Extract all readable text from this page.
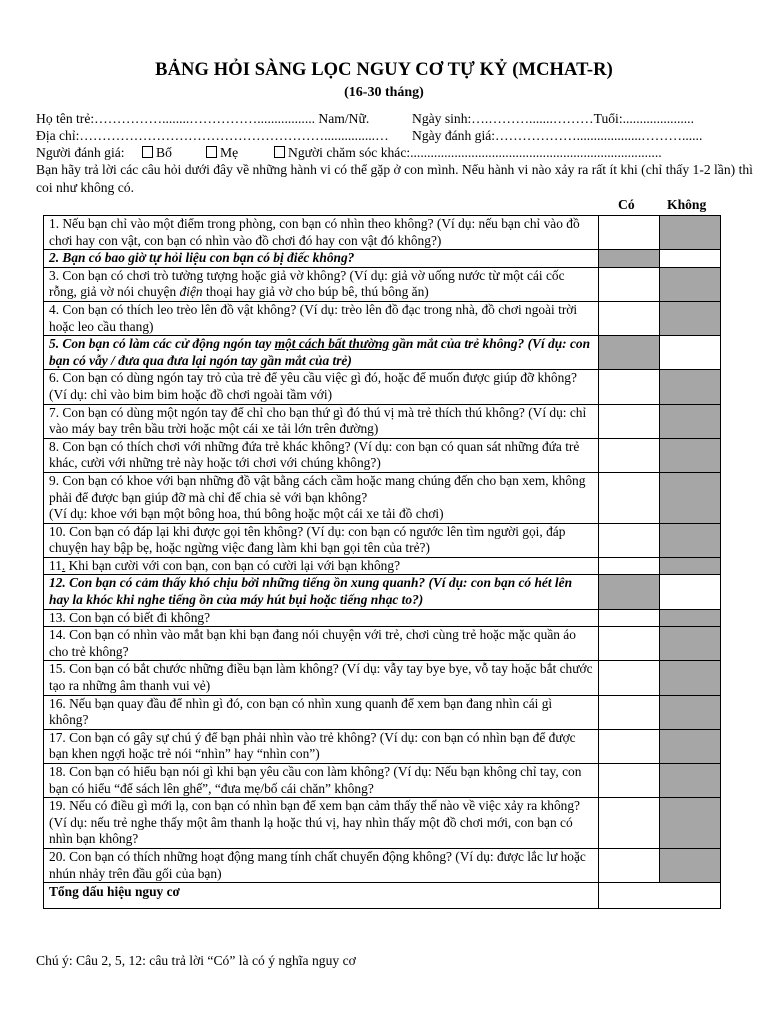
BẢNG HỎI SÀNG LỌC NGUY CƠ TỰ KỶ (MCHAT-R)
(16-30 tháng)
Họ tên trẻ:……………........……………................. Nam/Nữ.	Ngày sinh:….……….......………Tuổi:.....................
Địa chỉ:………………………………………………...............… Ngày đánh giá:………………...................………......
Người đánh giá:	Bố	Mẹ	Người chăm sóc khác:..........................................................................
Bạn hãy trả lời các câu hỏi dưới đây về những hành vi có thể gặp ở con mình. Nếu hành vi nào xảy ra rất ít khi (chỉ thấy 1-2 lần) thì coi như không có.
Có Không
1. Nếu bạn chỉ vào một điểm trong phòng, con bạn có nhìn theo không? (Ví dụ: nếu bạn chỉ vào đồ chơi hay con vật, con bạn có nhìn vào đồ chơi đó hay con vật đó không?)		
2. Bạn có bao giờ tự hỏi liệu con bạn có bị điếc không?		
3. Con bạn có chơi trò tưởng tượng hoặc giả vờ không? (Ví dụ: giả vờ uống nước từ một cái cốc rỗng, giả vờ nói chuyện điện thoại hay giả vờ cho búp bê, thú bông ăn)		
4. Con bạn có thích leo trèo lên đồ vật không? (Ví dụ: trèo lên đồ đạc trong nhà, đồ chơi ngoài trời hoặc leo cầu thang)		
5. Con bạn có làm các cử động ngón tay một cách bất thường gần mắt của trẻ không? (Ví dụ: con bạn có vẫy / đưa qua đưa lại ngón tay gần mắt của trẻ)		
6. Con bạn có dùng ngón tay trỏ của trẻ để yêu cầu việc gì đó, hoặc để muốn được giúp đỡ không? (Ví dụ: chỉ vào bim bim hoặc đồ chơi ngoài tầm với)		
7. Con bạn có dùng một ngón tay để chỉ cho bạn thứ gì đó thú vị mà trẻ thích thú không? (Ví dụ: chỉ vào máy bay trên bầu trời hoặc một cái xe tải lớn trên đường)		
8. Con bạn có thích chơi với những đứa trẻ khác không? (Ví dụ: con bạn có quan sát những đứa trẻ khác, cười với những trẻ này hoặc tới chơi với chúng không?)		
9. Con bạn có khoe với bạn những đồ vật bằng cách cầm hoặc mang chúng đến cho bạn xem, không phải để được bạn giúp đỡ mà chỉ để chia sẻ với bạn không?
(Ví dụ: khoe với bạn một bông hoa, thú bông hoặc một cái xe tải đồ chơi)		
10. Con bạn có đáp lại khi được gọi tên không? (Ví dụ: con bạn có ngước lên tìm người gọi, đáp chuyện hay bập bẹ, hoặc ngừng việc đang làm khi bạn gọi tên của trẻ?)		
11. Khi bạn cười với con bạn, con bạn có cười lại với bạn không?		
12. Con bạn có cảm thấy khó chịu bởi những tiếng ồn xung quanh? (Ví dụ: con bạn có hét lên hay la khóc khi nghe tiếng ồn của máy hút bụi hoặc tiếng nhạc to?)		
13. Con bạn có biết đi không?		
14. Con bạn có nhìn vào mắt bạn khi bạn đang nói chuyện với trẻ, chơi cùng trẻ hoặc mặc quần áo cho trẻ không?		
15. Con bạn có bắt chước những điều bạn làm không? (Ví dụ: vẫy tay bye bye, vỗ tay hoặc bắt chước tạo ra những âm thanh vui vẻ)		
16. Nếu bạn quay đầu để nhìn gì đó, con bạn có nhìn xung quanh để xem bạn đang nhìn cái gì không?		
17. Con bạn có gây sự chú ý để bạn phải nhìn vào trẻ không? (Ví dụ: con bạn có nhìn bạn để được bạn khen ngợi hoặc trẻ nói “nhìn” hay “nhìn con”)		
18. Con bạn có hiểu bạn nói gì khi bạn yêu cầu con làm không? (Ví dụ: Nếu bạn không chỉ tay, con bạn có hiểu “để sách lên ghế”, “đưa mẹ/bố cái chăn” không?		
19. Nếu có điều gì mới lạ, con bạn có nhìn bạn để xem bạn cảm thấy thế nào về việc xảy ra không? (Ví dụ: nếu trẻ nghe thấy một âm thanh lạ hoặc thú vị, hay nhìn thấy một đồ chơi mới, con bạn có nhìn bạn không?		
20. Con bạn có thích những hoạt động mang tính chất chuyển động không? (Ví dụ: được lắc lư hoặc nhún nhảy trên đầu gối của bạn)		
Tổng dấu hiệu nguy cơ		
Chú ý: Câu 2, 5, 12: câu trả lời “Có” là có ý nghĩa nguy cơ
